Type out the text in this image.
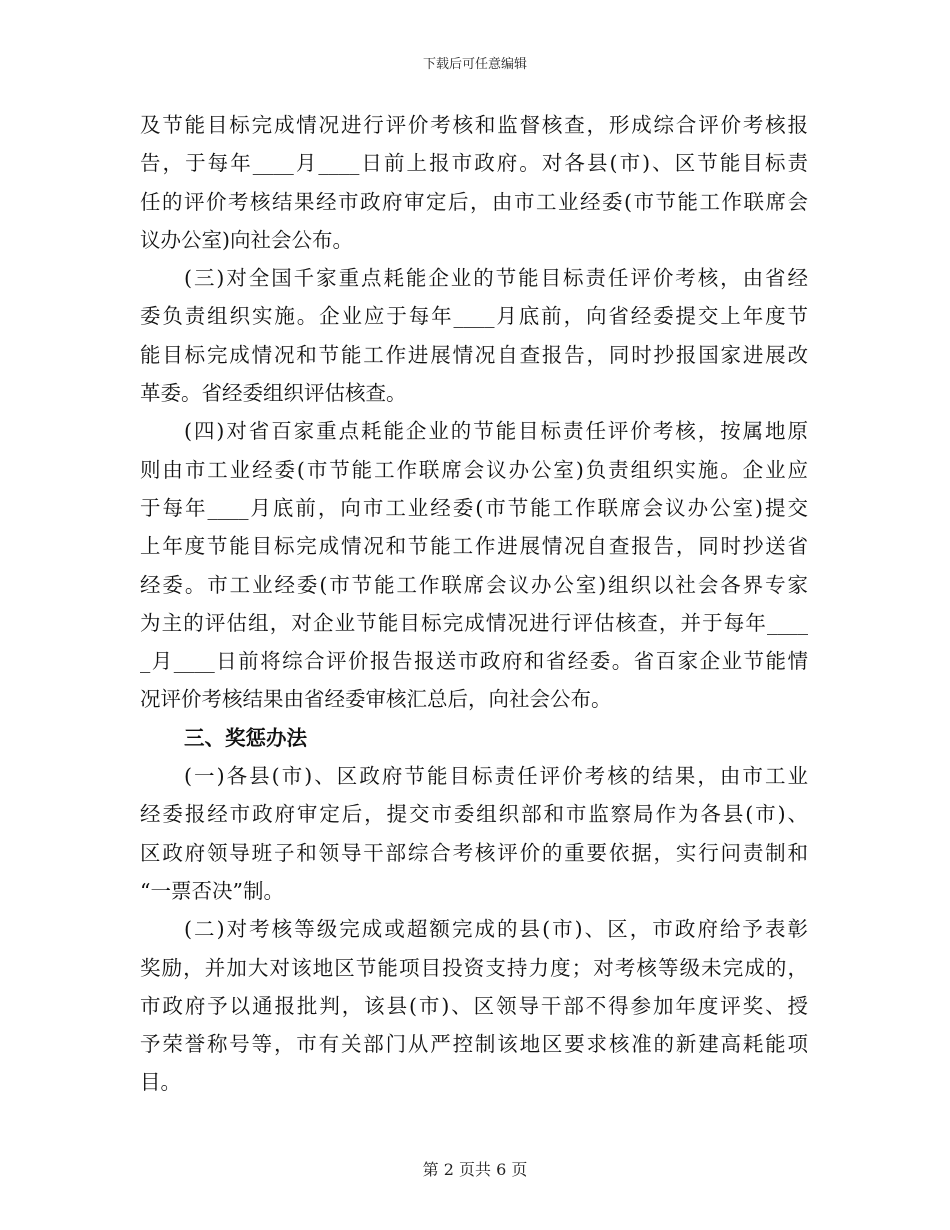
下载后可任意编辑
及节能目标完成情况进行评价考核和监督核查，形成综合评价考核报
告，于每年____月____日前上报市政府。对各县(市)、区节能目标责
任的评价考核结果经市政府审定后，由市工业经委(市节能工作联席会
议办公室)向社会公布。
(三)对全国千家重点耗能企业的节能目标责任评价考核，由省经
委负责组织实施。企业应于每年____月底前，向省经委提交上年度节
能目标完成情况和节能工作进展情况自查报告，同时抄报国家进展改
革委。省经委组织评估核查。
(四)对省百家重点耗能企业的节能目标责任评价考核，按属地原
则由市工业经委(市节能工作联席会议办公室)负责组织实施。企业应
于每年____月底前，向市工业经委(市节能工作联席会议办公室)提交
上年度节能目标完成情况和节能工作进展情况自查报告，同时抄送省
经委。市工业经委(市节能工作联席会议办公室)组织以社会各界专家
为主的评估组，对企业节能目标完成情况进行评估核查，并于每年____
_月____日前将综合评价报告报送市政府和省经委。省百家企业节能情
况评价考核结果由省经委审核汇总后，向社会公布。
三、奖惩办法
(一)各县(市)、区政府节能目标责任评价考核的结果，由市工业
经委报经市政府审定后，提交市委组织部和市监察局作为各县(市)、
区政府领导班子和领导干部综合考核评价的重要依据，实行问责制和
“一票否决”制。
(二)对考核等级完成或超额完成的县(市)、区，市政府给予表彰
奖励，并加大对该地区节能项目投资支持力度；对考核等级未完成的，
市政府予以通报批判，该县(市)、区领导干部不得参加年度评奖、授
予荣誉称号等，市有关部门从严控制该地区要求核准的新建高耗能项
目。
第 2 页共 6 页
